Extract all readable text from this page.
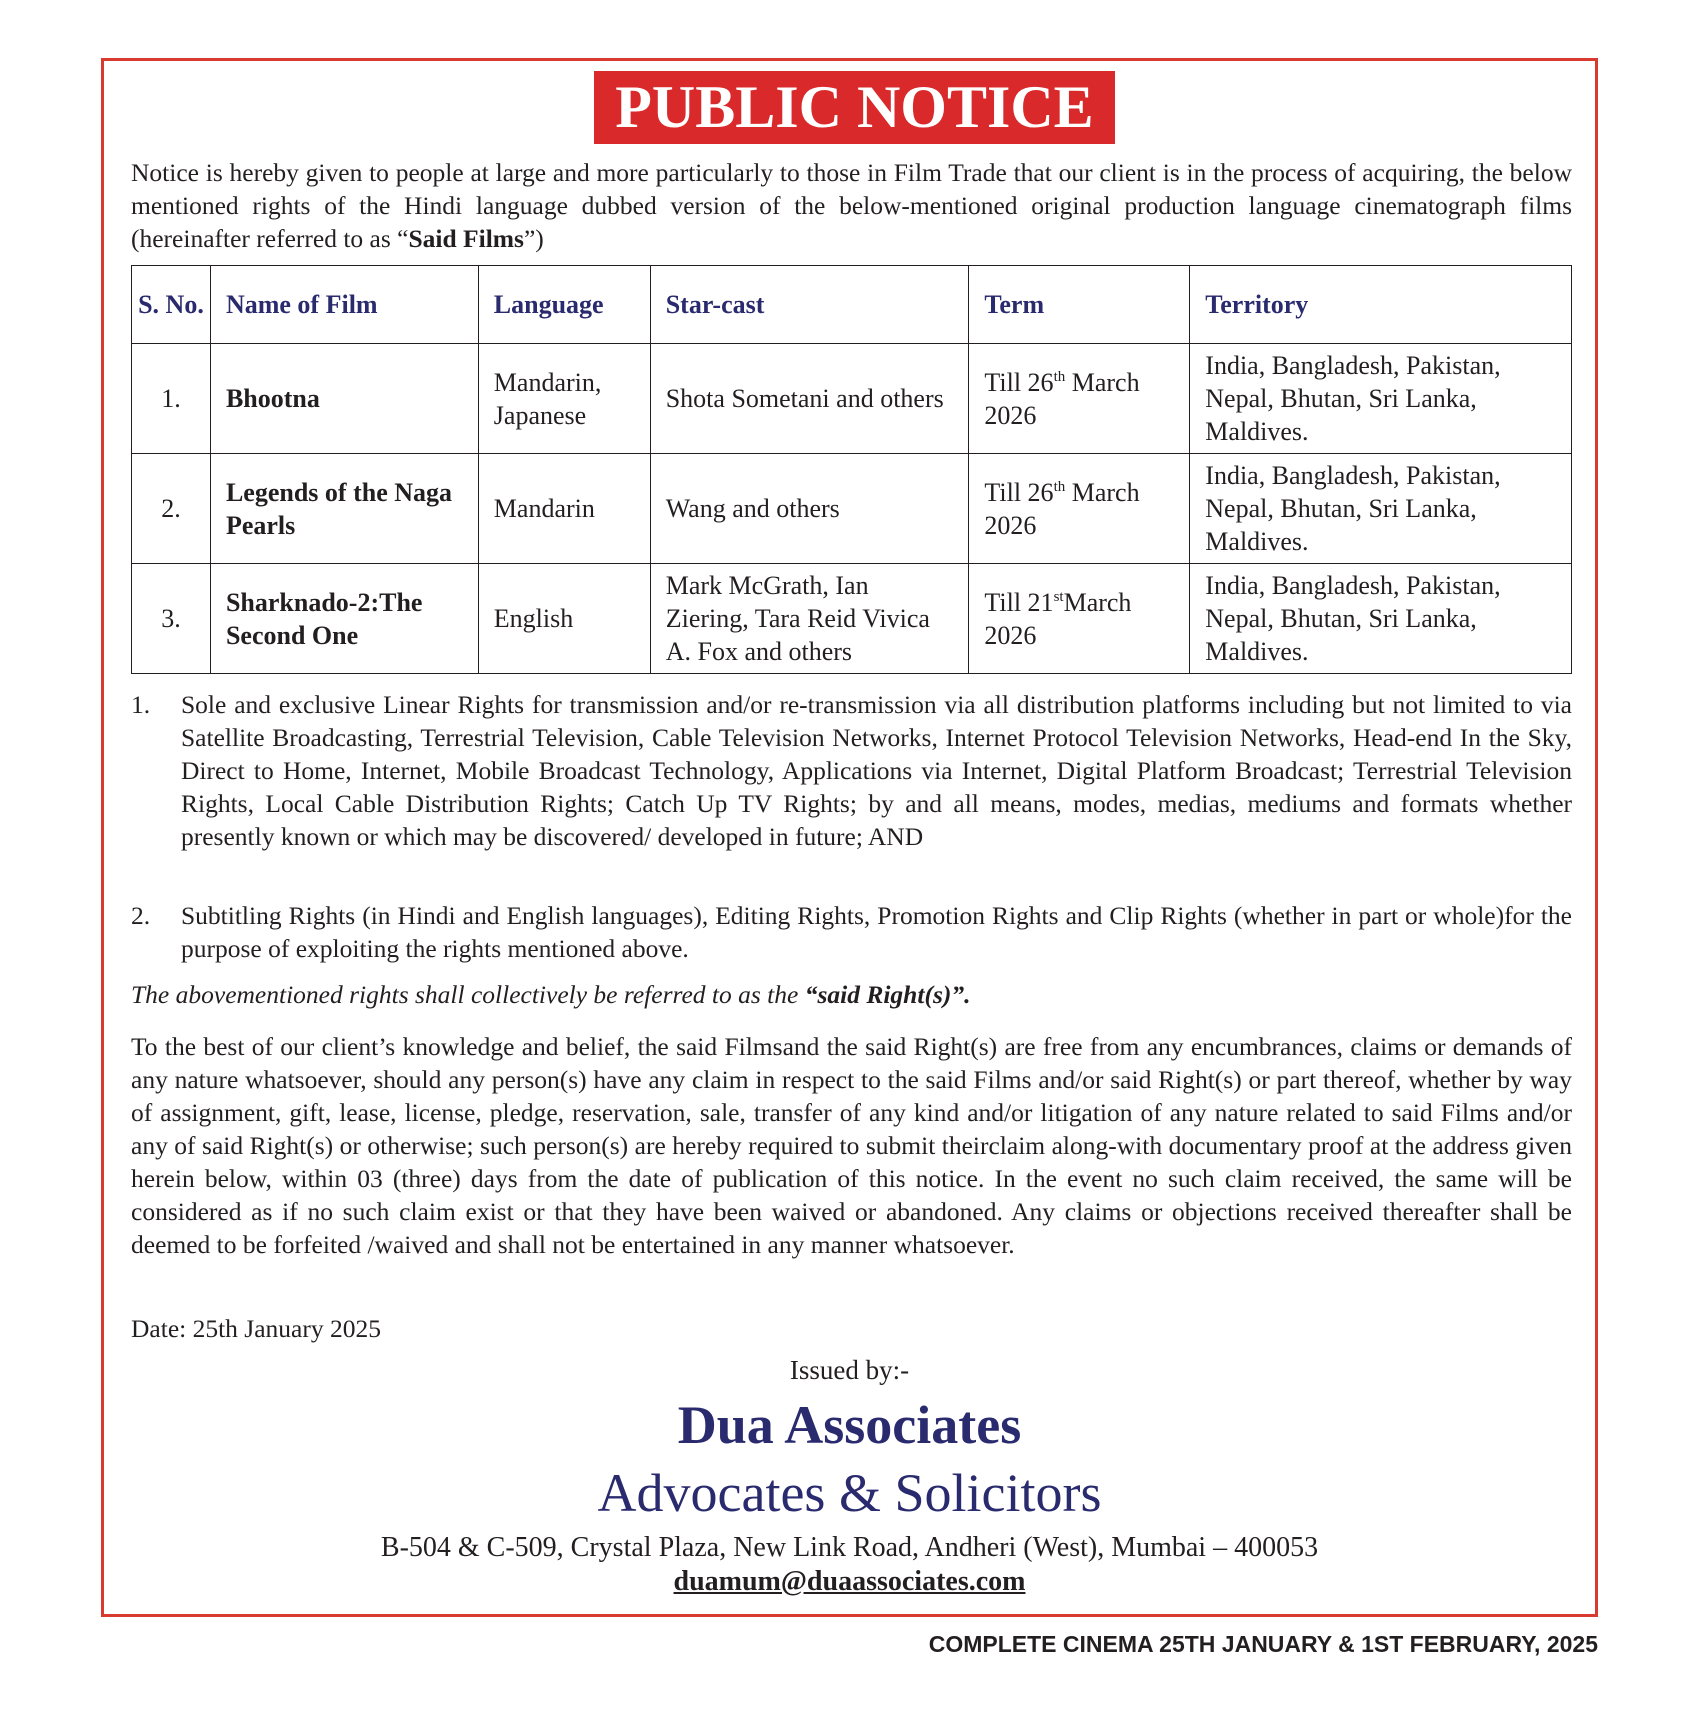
PUBLIC NOTICE
Notice is hereby given to people at large and more particularly to those in Film Trade that our client is in the process of acquiring, the below mentioned rights of the Hindi language dubbed version of the below-mentioned original production language cinematograph films (hereinafter referred to as “Said Films”)
S. No.	Name of Film	Language	Star-cast	Term	Territory
1.	Bhootna	Mandarin, Japanese	Shota Sometani and others	Till 26th March 2026	India, Bangladesh, Pakistan, Nepal, Bhutan, Sri Lanka, Maldives.
2.	Legends of the Naga Pearls	Mandarin	Wang and others	Till 26th March 2026	India, Bangladesh, Pakistan, Nepal, Bhutan, Sri Lanka, Maldives.
3.	Sharknado-2:The Second One	English	Mark McGrath, Ian Ziering, Tara Reid Vivica A. Fox and others	Till 21stMarch 2026	India, Bangladesh, Pakistan, Nepal, Bhutan, Sri Lanka, Maldives.
1. Sole and exclusive Linear Rights for transmission and/or re-transmission via all distribution platforms including but not limited to via Satellite Broadcasting, Terrestrial Television, Cable Television Networks, Internet Protocol Television Networks, Head-end In the Sky, Direct to Home, Internet, Mobile Broadcast Technology, Applications via Internet, Digital Platform Broadcast; Terrestrial Television Rights, Local Cable Distribution Rights; Catch Up TV Rights; by and all means, modes, medias, mediums and formats whether presently known or which may be discovered/ developed in future; AND
2. Subtitling Rights (in Hindi and English languages), Editing Rights, Promotion Rights and Clip Rights (whether in part or whole)for the purpose of exploiting the rights mentioned above.
The abovementioned rights shall collectively be referred to as the “said Right(s)”.
To the best of our client’s knowledge and belief, the said Filmsand the said Right(s) are free from any encumbrances, claims or demands of any nature whatsoever, should any person(s) have any claim in respect to the said Films and/or said Right(s) or part thereof, whether by way of assignment, gift, lease, license, pledge, reservation, sale, transfer of any kind and/or litigation of any nature related to said Films and/or any of said Right(s) or otherwise; such person(s) are hereby required to submit theirclaim along-with documentary proof at the address given herein below, within 03 (three) days from the date of publication of this notice. In the event no such claim received, the same will be considered as if no such claim exist or that they have been waived or abandoned. Any claims or objections received thereafter shall be deemed to be forfeited /waived and shall not be entertained in any manner whatsoever.
Date: 25th January 2025
Issued by:-
Dua Associates
Advocates & Solicitors
B-504 & C-509, Crystal Plaza, New Link Road, Andheri (West), Mumbai – 400053
duamum@duaassociates.com
COMPLETE CINEMA 25TH JANUARY & 1ST FEBRUARY, 2025
